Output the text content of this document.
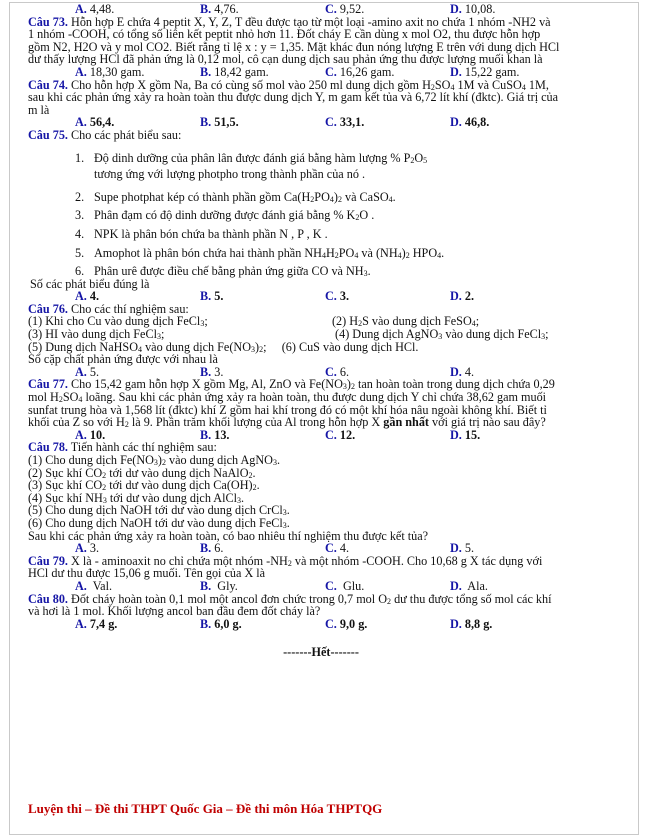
A. 4,48.	B. 4,76.	C. 9,52.	D. 10,08.

Câu 73. Hỗn hợp E chứa 4 peptit X, Y, Z, T đều được tạo từ một loại -amino axit no chứa 1 nhóm -NH2 và

1 nhóm -COOH, có tổng số liên kết peptit nhỏ hơn 11. Đốt cháy E cần dùng x mol O2, thu được hỗn hợp

gồm N2, H2O và y mol CO2. Biết rằng tỉ lệ x : y = 1,35. Mặt khác đun nóng lượng E trên với dung dịch HCl

dư thấy lượng HCl đã phản ứng là 0,12 mol, cô cạn dung dịch sau phản ứng thu được lượng muối khan là

A. 18,30 gam.	B. 18,42 gam.	C. 16,26 gam.	D. 15,22 gam.

Câu 74. Cho hỗn hợp X gồm Na, Ba có cùng số mol vào 250 ml dung dịch gồm $H_2SO_4$ 1M và CuSO$_4$ 1M,

sau khi các phản ứng xảy ra hoàn toàn thu được dung dịch Y, m gam kết tủa và 6,72 lít khí (đktc). Giá trị của

m là

A. 56,4.	B. 51,5.	C. 33,1.	D. 46,8.

Câu 75. Cho các phát biểu sau:

1. Độ dinh dưỡng của phân lân được đánh giá bằng hàm lượng % $P_2O_5$

tương ứng với lượng photpho trong thành phần của nó .

2. Supe photphat kép có thành phần gồm $Ca(H_2PO_4)_2$ và CaSO$_4$.

3. Phân đạm có độ dinh dưỡng được đánh giá bằng % $K_2O$ .

4. NPK là phân bón chứa ba thành phần N , P , K .

5. Amophot là phân bón chứa hai thành phần $NH_4H_2PO_4$ và $(NH_4)_2$ $HPO_4$.

6. Phân urê được điều chế bằng phản ứng giữa CO và $NH_3$.

Số các phát biểu đúng là

A. 4.	B. 5.	C. 3.	D. 2.

Câu 76. Cho các thí nghiệm sau:

(1) Khi cho Cu vào dung dịch FeCl$_3$;	(2) $H_2S$ vào dung dịch FeSO$_4$;

(3) HI vào dung dịch FeCl$_3$;	(4) Dung dịch AgNO$_3$ vào dung dịch FeCl$_3$;

(5) Dung dịch NaHSO$_4$ vào dung dịch $Fe(NO_3)_2$;     (6) CuS vào dung dịch HCl.

Số cặp chất phản ứng được với nhau là

A. 5.	B. 3.	C. 6.	D. 4.

Câu 77. Cho 15,42 gam hỗn hợp X gồm Mg, Al, ZnO và $Fe(NO_3)_2$ tan hoàn toàn trong dung dịch chứa 0,29

mol $H_2SO_4$ loãng. Sau khi các phản ứng xảy ra hoàn toàn, thu được dung dịch Y chỉ chứa 38,62 gam muối

sunfat trung hòa và 1,568 lít (đktc) khí Z gồm hai khí trong đó có một khí hóa nâu ngoài không khí. Biết tỉ

khối của Z so với $H_2$ là 9. Phần trăm khối lượng của Al trong hỗn hợp X gần nhất với giá trị nào sau đây?

A. 10.	B. 13.	C. 12.	D. 15.

Câu 78. Tiến hành các thí nghiệm sau:

(1) Cho dung dịch $Fe(NO_3)_2$ vào dung dịch AgNO$_3$.

(2) Sục khí $CO_2$ tới dư vào dung dịch NaAlO$_2$.

(3) Sục khí $CO_2$ tới dư vào dung dịch $Ca(OH)_2$.

(4) Sục khí $NH_3$ tới dư vào dung dịch AlCl$_3$.

(5) Cho dung dịch NaOH tới dư vào dung dịch CrCl$_3$.

(6) Cho dung dịch NaOH tới dư vào dung dịch FeCl$_3$.

Sau khi các phản ứng xảy ra hoàn toàn, có bao nhiêu thí nghiệm thu được kết tủa?

A. 3.	B. 6.	C. 4.	D. 5.

Câu 79. X là - aminoaxit no chỉ chứa một nhóm $-NH_2$ và một nhóm -COOH. Cho 10,68 g X tác dụng với

HCl dư thu được 15,06 g muối. Tên gọi của X là

A.  Val.	B.  Gly.	C.  Glu.	D.  Ala.

Câu 80. Đốt cháy hoàn toàn 0,1 mol một ancol đơn chức trong 0,7 mol $O_2$ dư thu được tổng số mol các khí

và hơi là 1 mol. Khối lượng ancol ban đầu đem đốt cháy là?

A. 7,4 g.	B. 6,0 g.	C. 9,0 g.	D. 8,8 g.

-------Hết-------

Luyện thi – Đề thi THPT Quốc Gia – Đề thi môn Hóa THPTQG
